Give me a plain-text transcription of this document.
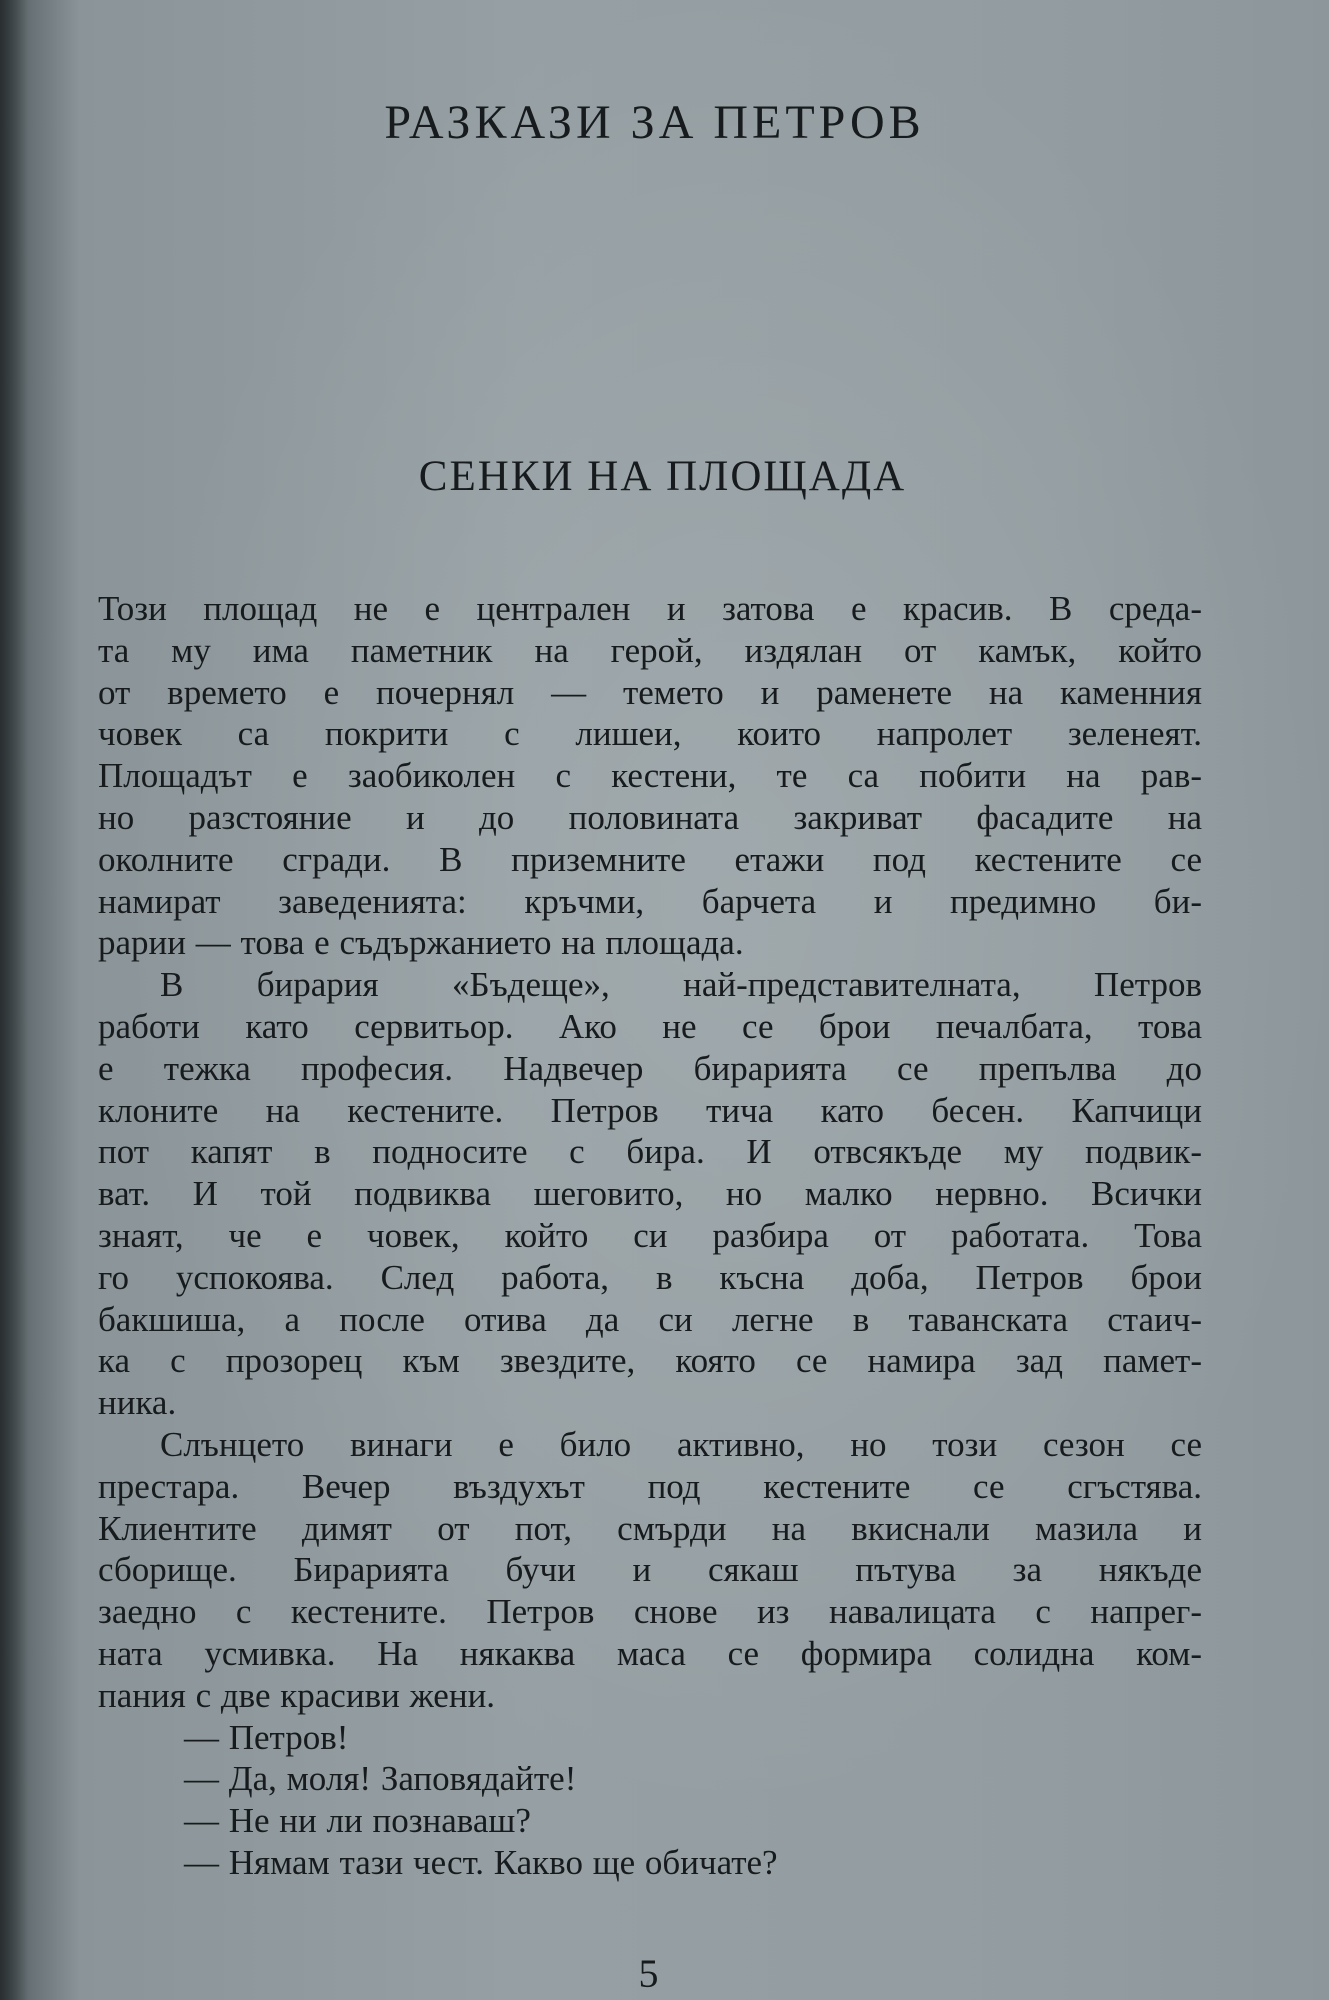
РАЗКАЗИ ЗА ПЕТРОВ
СЕНКИ НА ПЛОЩАДА
Този площад не е централен и затова е красив. В среда-
та му има паметник на герой, издялан от камък, който
от времето е почернял — темето и раменете на каменния
човек са покрити с лишеи, които напролет зеленеят.
Площадът е заобиколен с кестени, те са побити на рав-
но разстояние и до половината закриват фасадите на
околните сгради. В приземните етажи под кестените се
намират заведенията: кръчми, барчета и предимно би-
рарии — това е съдържанието на площада.
В бирария «Бъдеще», най-представителната, Петров
работи като сервитьор. Ако не се брои печалбата, това
е тежка професия. Надвечер бирарията се препълва до
клоните на кестените. Петров тича като бесен. Капчици
пот капят в подносите с бира. И отвсякъде му подвик-
ват. И той подвиква шеговито, но малко нервно. Всички
знаят, че е човек, който си разбира от работата. Това
го успокоява. След работа, в късна доба, Петров брои
бакшиша, а после отива да си легне в таванската стаич-
ка с прозорец към звездите, която се намира зад памет-
ника.
Слънцето винаги е било активно, но този сезон се
престара. Вечер въздухът под кестените се сгъстява.
Клиентите димят от пот, смърди на вкиснали мазила и
сборище. Бирарията бучи и сякаш пътува за някъде
заедно с кестените. Петров снове из навалицата с напрег-
ната усмивка. На някаква маса се формира солидна ком-
пания с две красиви жени.
— Петров!
— Да, моля! Заповядайте!
— Не ни ли познаваш?
— Нямам тази чест. Какво ще обичате?
5
